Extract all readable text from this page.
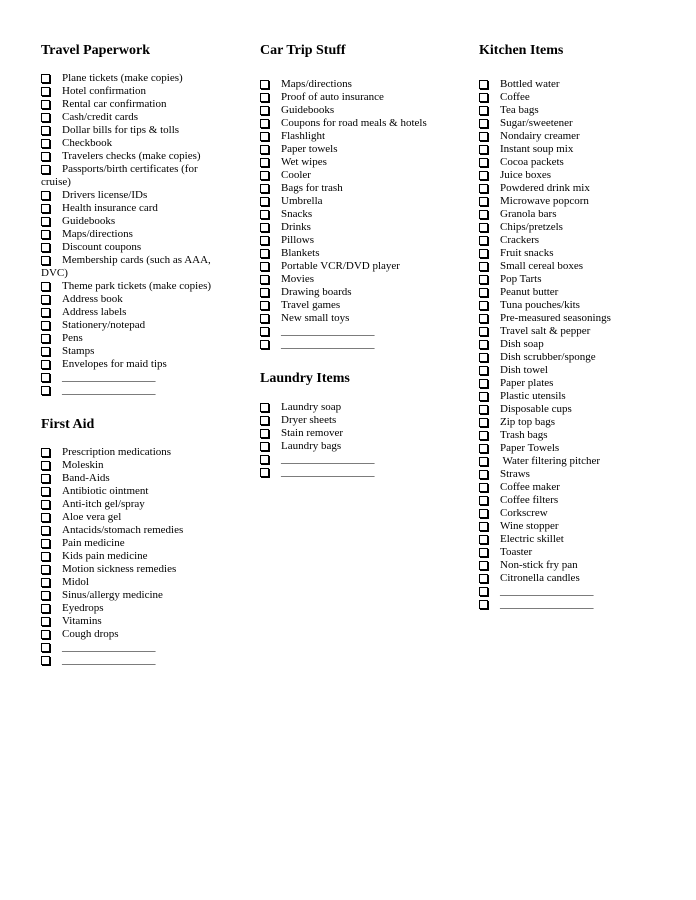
Travel Paperwork
Plane tickets (make copies)
Hotel confirmation
Rental car confirmation
Cash/credit cards
Dollar bills for tips & tolls
Checkbook
Travelers checks (make copies)
Passports/birth certificates (for cruise)
Drivers license/IDs
Health insurance card
Guidebooks
Maps/directions
Discount coupons
Membership cards (such as AAA, DVC)
Theme park tickets (make copies)
Address book
Address labels
Stationery/notepad
Pens
Stamps
Envelopes for maid tips
_________________
_________________
First Aid
Prescription medications
Moleskin
Band-Aids
Antibiotic ointment
Anti-itch gel/spray
Aloe vera gel
Antacids/stomach remedies
Pain medicine
Kids pain medicine
Motion sickness remedies
Midol
Sinus/allergy medicine
Eyedrops
Vitamins
Cough drops
_________________
_________________
Car Trip Stuff
Maps/directions
Proof of auto insurance
Guidebooks
Coupons for road meals & hotels
Flashlight
Paper towels
Wet wipes
Cooler
Bags for trash
Umbrella
Snacks
Drinks
Pillows
Blankets
Portable VCR/DVD player
Movies
Drawing boards
Travel games
New small toys
_________________
_________________
Laundry Items
Laundry soap
Dryer sheets
Stain remover
Laundry bags
_________________
_________________
Kitchen Items
Bottled water
Coffee
Tea bags
Sugar/sweetener
Nondairy creamer
Instant soup mix
Cocoa packets
Juice boxes
Powdered drink mix
Microwave popcorn
Granola bars
Chips/pretzels
Crackers
Fruit snacks
Small cereal boxes
Pop Tarts
Peanut butter
Tuna pouches/kits
Pre-measured seasonings
Travel salt & pepper
Dish soap
Dish scrubber/sponge
Dish towel
Paper plates
Plastic utensils
Disposable cups
Zip top bags
Trash bags
Paper Towels
Water filtering pitcher
Straws
Coffee maker
Coffee filters
Corkscrew
Wine stopper
Electric skillet
Toaster
Non-stick fry pan
Citronella candles
_________________
_________________
